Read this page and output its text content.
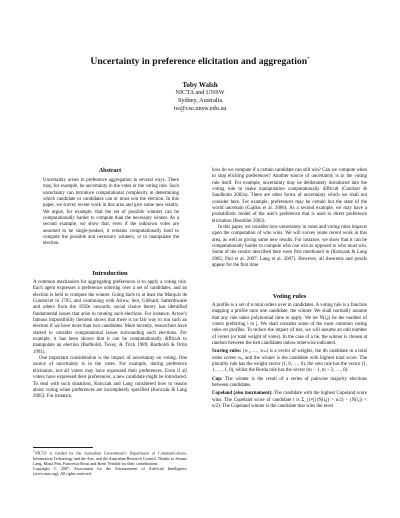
Uncertainty in preference elicitation and aggregation*
Toby Walsh
NICTA and UNSW
Sydney, Australia
tw@cse.unsw.edu.au
Abstract

Uncertainty arises in preference aggregation in several ways. There may, for example, be uncertainty in the votes or the voting rule. Such uncertainty can introduce computational complexity in determining which candidate or candidates can or must win the election. In this paper, we survey recent work in this area and give some new results. We argue, for example, that the set of possible winners can be computationally harder to compute than the necessary winner. As a second example, we show that, even if the unknown votes are assumed to be single-peaked, it remains computationally hard to compute the possible and necessary winners, or to manipulate the election.

Introduction

A common mechanism for aggregating preferences is to apply a voting rule. Each agent expresses a preference ordering over a set of candidates, and an election is held to compute the winner. Going back to at least the Marquis de Condorcet in 1785, and continuing with Arrow, Sen, Gibbard, Satterthwaite and others from the 1950s onwards, social choice theory has identified fundamental issues that arise in running such elections. For instance, Arrow's famous impossibility theorem shows that there is no fair way to run such an election if we have more than two candidates. More recently, researchers have started to consider computational issues surrounding such elections. For example, it has been shown that it can be computationally difficult to manipulate an election (Bartholdi, Tovey, & Trick 1989; Bartholdi & Orlin 1991).

One important consideration is the impact of uncertainty on voting. One source of uncertainty is in the votes. For example, during preference elicitation, not all voters may have expressed their preferences. Even if all voters have expressed their preferences, a new candidate might be introduced. To deal with such situations, Konczak and Lang considered how to reason about voting when preferences are incompletely specified (Konczak & Lang 2005). For instance,

*NICTA is funded by the Australian Government's Department of Communications, Information Technology and the Arts, and the Australian Research Council. Thanks to Jerome Lang, Maria Pini, Francesca Rossi and Brent Venable for their contributions.
Copyright © 2007, Association for the Advancement of Artificial Intelligence (www.aaai.org). All rights reserved.

how do we compute if a certain candidate can still win? Can we compute when to stop eliciting preferences? Another source of uncertainty is in the voting rule itself. For example, uncertainty may be deliberately introduced into the voting rule to make manipulation computationally difficult (Conitzer & Sandholm 2002a). There are other forms of uncertainty which we shall not consider here. For example, preferences may be certain but the state of the world uncertain (Gajdos et al. 2006). As a second example, we may have a probabilistic model of the user's preference that is used to direct preference elicitation (Boutilier 2002).

In this paper, we consider how uncertainty in votes and voting rules impacts upon the computation of who wins. We will survey some recent work in this area, as well as giving some new results. For instance, we show that it can be computationally harder to compute who can win as opposed to who must win. Some of the results described here were first mentioned in (Konczak & Lang 2005; Pini et al. 2007; Lang et al. 2007). However, all theorems and proofs appear for the first time.

Voting rules

A profile is a set of n total orders over m candidates. A voting rule is a function mapping a profile onto one candidate, the winner. We shall normally assume that any rule takes polynomial time to apply. We let N(i,j) be the number of voters preferring i to j. We shall consider some of the most common voting rules on profiles. To reduce the impact of ties, we will assume an odd number of voters (or total weight of votes). In the case of a tie, the winner is chosen at random between the tied candidates unless otherwise indicated.

Scoring rules: (w₁, …, wₘ) is a vector of weights, the ith candidate in a total order scores wᵢ, and the winner is the candidate with highest total score. The plurality rule has the weight vector (1, 0, …, 0), the veto rule has the vector (1, 1, …, 1, 0), whilst the Borda rule has the vector (m − 1, m − 2, …, 0).
Cup: The winner is the result of a series of pairwise majority elections between candidates.
Copeland (also tournament): The candidate with the highest Copeland score wins. The Copeland score of candidate i is Σ_{i≠j}(N(i,j) > n/2) − (N(i,j) < n/2). The Copeland winner is the candidate that wins the most
